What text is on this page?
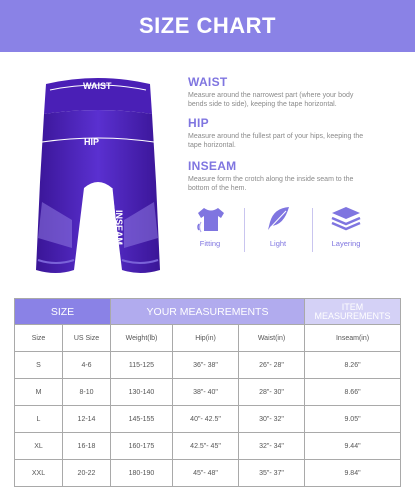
SIZE CHART
WAIST
HIP
INSEAM
WAIST
Measure around the narrowest part (where your body bends side to side), keeping the tape horizontal.
HIP
Measure around the fullest part of your hips, keeping the tape horizontal.
INSEAM
Measure form the crotch along the inside seam to the bottom of the hem.
Fitting	Light	Layering
SIZE		YOUR MEASUREMENTS			ITEM MEASUREMENTS
Size	US Size	Weight(lb)	Hip(in)	Waist(in)	Inseam(in)
S	4-6	115-125	36"- 38"	26"- 28"	8.26"
M	8-10	130-140	38"- 40"	28"- 30"	8.66"
L	12-14	145-155	40"- 42.5"	30"- 32"	9.05"
XL	16-18	160-175	42.5"- 45"	32"- 34"	9.44"
XXL	20-22	180-190	45"- 48"	35"- 37"	9.84"
